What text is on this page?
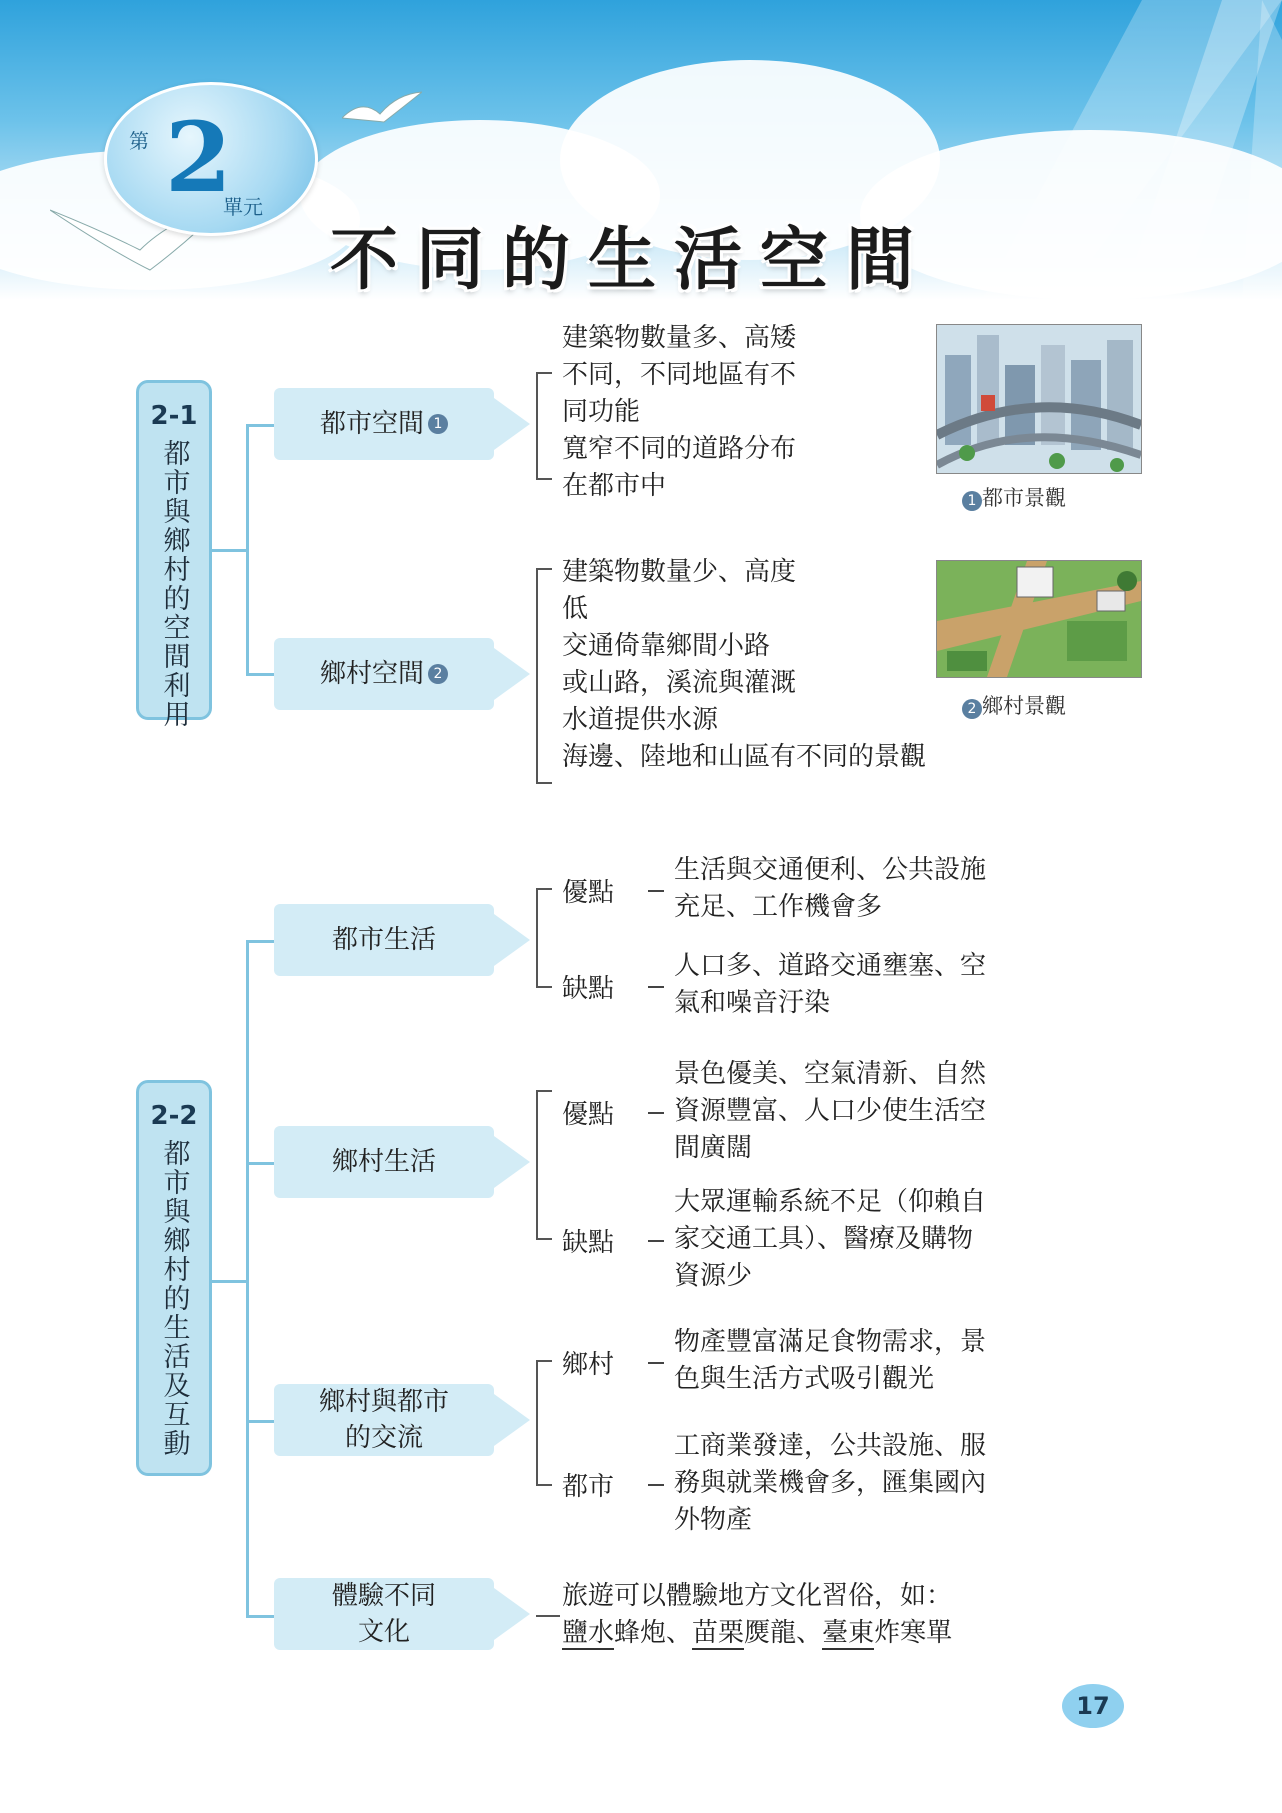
第 2
單元
不同的生活空間
2-1
都市與鄉村的空間利用
都市空間 1
建築物數量多、高矮
不同，不同地區有不
同功能
寬窄不同的道路分布
在都市中	1 都市景觀
鄉村空間 2
建築物數量少、高度
低
交通倚靠鄉間小路
或山路，溪流與灌溉
水道提供水源
海邊、陸地和山區有不同的景觀
2 鄉村景觀
2-2
都市與鄉村的生活及互動
都市生活
優點
生活與交通便利、公共設施
充足、工作機會多
缺點
人口多、道路交通壅塞、空
氣和噪音汙染
鄉村生活
優點
景色優美、空氣清新、自然
資源豐富、人口少使生活空
間廣闊
缺點
大眾運輸系統不足（仰賴自
家交通工具）、醫療及購物
資源少
鄉村與都市
的交流
鄉村
物產豐富滿足食物需求，景
色與生活方式吸引觀光
都市
工商業發達，公共設施、服
務與就業機會多，匯集國內
外物產
體驗不同
文化
旅遊可以體驗地方文化習俗，如：
鹽水蜂炮、苗栗㷳龍、臺東炸寒單
17
